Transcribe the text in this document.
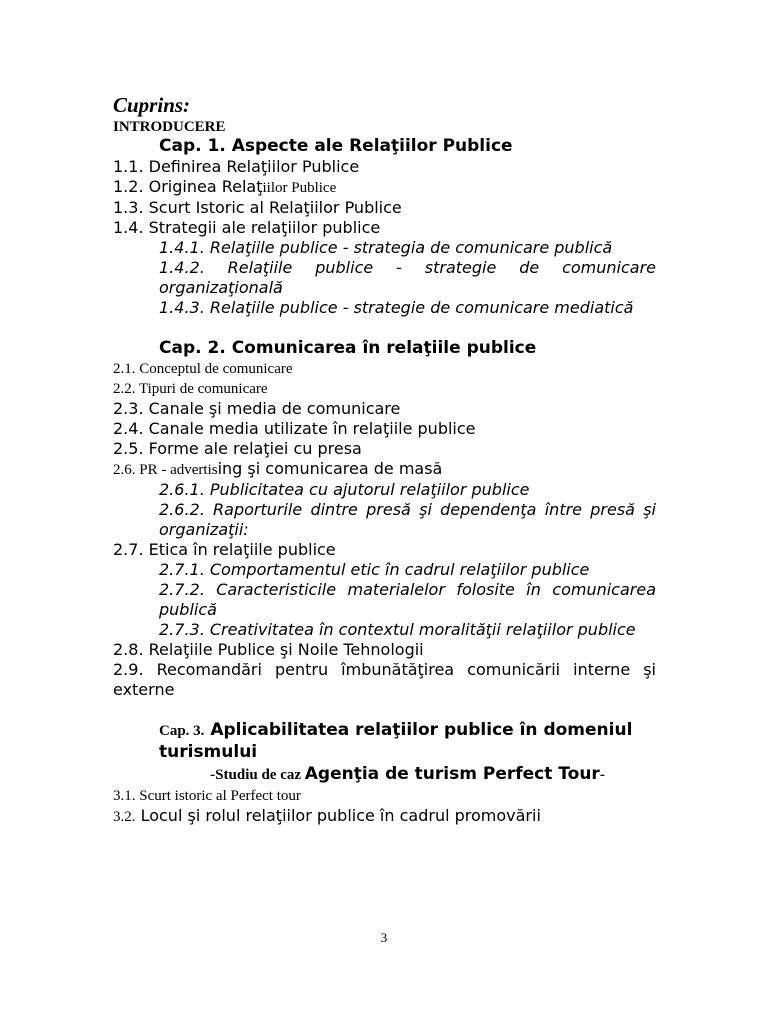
Cuprins:
INTRODUCERE
Cap. 1. Aspecte ale Relaţiilor Publice
1.1. Definirea Relaţiilor Publice
1.2. Originea Relaţiilor Publice
1.3. Scurt Istoric al Relaţiilor Publice
1.4. Strategii ale relaţiilor publice
1.4.1. Relaţiile publice - strategia de comunicare publică
1.4.2. Relaţiile publice - strategie de comunicare organizaţională
1.4.3. Relaţiile publice - strategie de comunicare mediatică
Cap. 2. Comunicarea în relaţiile publice
2.1. Conceptul de comunicare
2.2. Tipuri de comunicare
2.3. Canale şi media de comunicare
2.4. Canale media utilizate în relaţiile publice
2.5. Forme ale relaţiei cu presa
2.6. PR - advertising şi comunicarea de masă
2.6.1. Publicitatea cu ajutorul relaţiilor publice
2.6.2. Raporturile dintre presă şi dependenţa între presă şi organizaţii:
2.7. Etica în relaţiile publice
2.7.1. Comportamentul etic în cadrul relaţiilor publice
2.7.2. Caracteristicile materialelor folosite în comunicarea publică
2.7.3. Creativitatea în contextul moralităţii relaţiilor publice
2.8. Relaţiile Publice şi Noile Tehnologii
2.9. Recomandări pentru îmbunătăţirea comunicării interne şi externe
Cap. 3. Aplicabilitatea relaţiilor publice în domeniul turismului
-Studiu de caz Agenţia de turism Perfect Tour-
3.1. Scurt istoric al Perfect tour
3.2. Locul şi rolul relaţiilor publice în cadrul promovării
3
